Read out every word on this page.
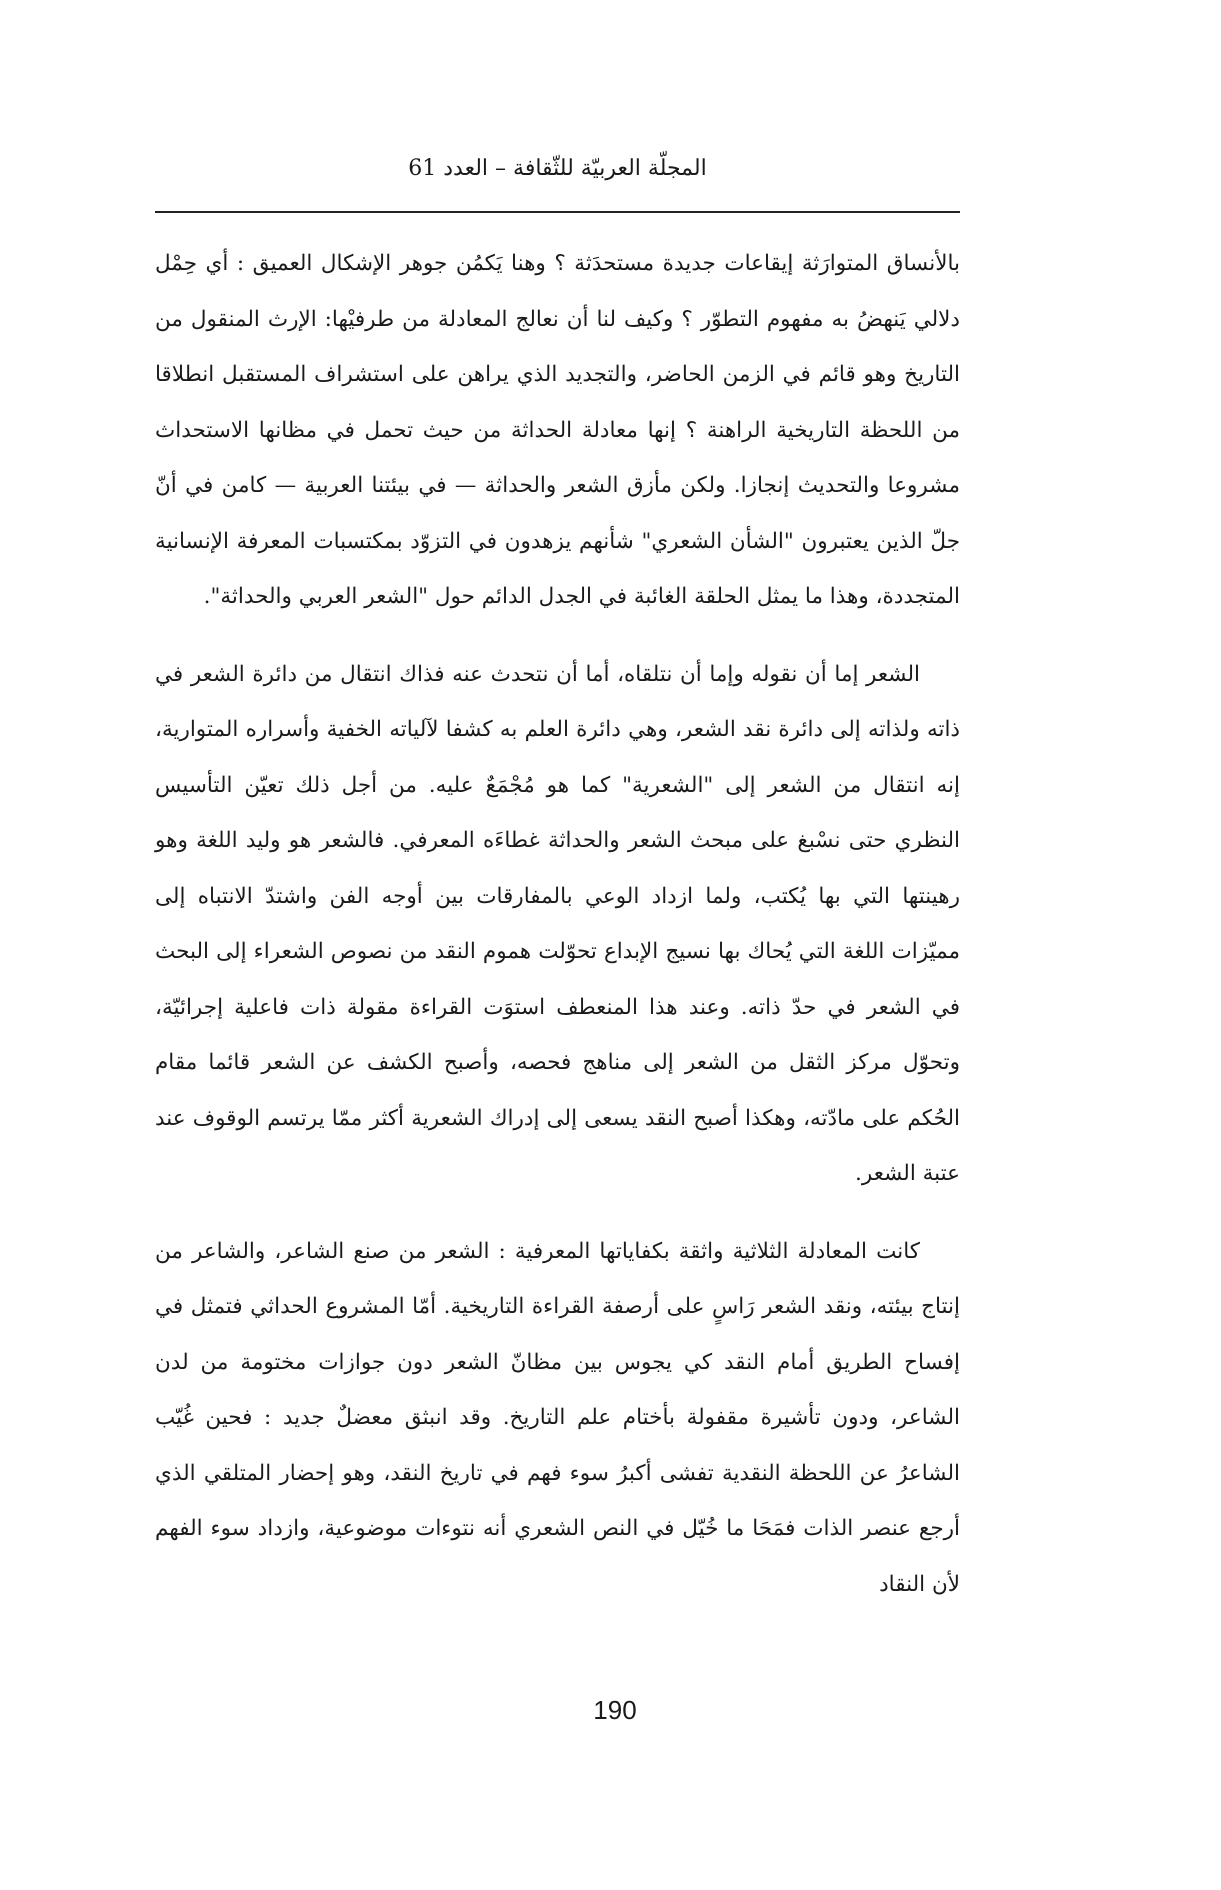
المجلّة العربيّة للثّقافة – العدد 61

بالأنساق المتوارَثة إيقاعات جديدة مستحدَثة ؟ وهنا يَكمُن جوهر الإشكال العميق : أي حِمْل دلالي يَنهضُ به مفهوم التطوّر ؟ وكيف لنا أن نعالج المعادلة من طرفيْها: الإرث المنقول من التاريخ وهو قائم في الزمن الحاضر، والتجديد الذي يراهن على استشراف المستقبل انطلاقا من اللحظة التاريخية الراهنة ؟ إنها معادلة الحداثة من حيث تحمل في مظانها الاستحداث مشروعا والتحديث إنجازا. ولكن مأزق الشعر والحداثة — في بيئتنا العربية — كامن في أنّ جلّ الذين يعتبرون "الشأن الشعري" شأنهم يزهدون في التزوّد بمكتسبات المعرفة الإنسانية المتجددة، وهذا ما يمثل الحلقة الغائبة في الجدل الدائم حول "الشعر العربي والحداثة".

الشعر إما أن نقوله وإما أن نتلقاه، أما أن نتحدث عنه فذاك انتقال من دائرة الشعر في ذاته ولذاته إلى دائرة نقد الشعر، وهي دائرة العلم به كشفا لآلياته الخفية وأسراره المتوارية، إنه انتقال من الشعر إلى "الشعرية" كما هو مُجْمَعٌ عليه. من أجل ذلك تعيّن التأسيس النظري حتى نسْبغ على مبحث الشعر والحداثة غطاءَه المعرفي. فالشعر هو وليد اللغة وهو رهينتها التي بها يُكتب، ولما ازداد الوعي بالمفارقات بين أوجه الفن واشتدّ الانتباه إلى مميّزات اللغة التي يُحاك بها نسيج الإبداع تحوّلت هموم النقد من نصوص الشعراء إلى البحث في الشعر في حدّ ذاته. وعند هذا المنعطف استوَت القراءة مقولة ذات فاعلية إجرائيّة، وتحوّل مركز الثقل من الشعر إلى مناهج فحصه، وأصبح الكشف عن الشعر قائما مقام الحُكم على مادّته، وهكذا أصبح النقد يسعى إلى إدراك الشعرية أكثر ممّا يرتسم الوقوف عند عتبة الشعر.

كانت المعادلة الثلاثية واثقة بكفاياتها المعرفية : الشعر من صنع الشاعر، والشاعر من إنتاج بيئته، ونقد الشعر رَاسٍ على أرصفة القراءة التاريخية. أمّا المشروع الحداثي فتمثل في إفساح الطريق أمام النقد كي يجوس بين مظانّ الشعر دون جوازات مختومة من لدن الشاعر، ودون تأشيرة مقفولة بأختام علم التاريخ. وقد انبثق معضلٌ جديد : فحين غُيّب الشاعرُ عن اللحظة النقدية تفشى أكبرُ سوء فهم في تاريخ النقد، وهو إحضار المتلقي الذي أرجع عنصر الذات فمَحَا ما خُيّل في النص الشعري أنه نتوءات موضوعية، وازداد سوء الفهم لأن النقاد

190
